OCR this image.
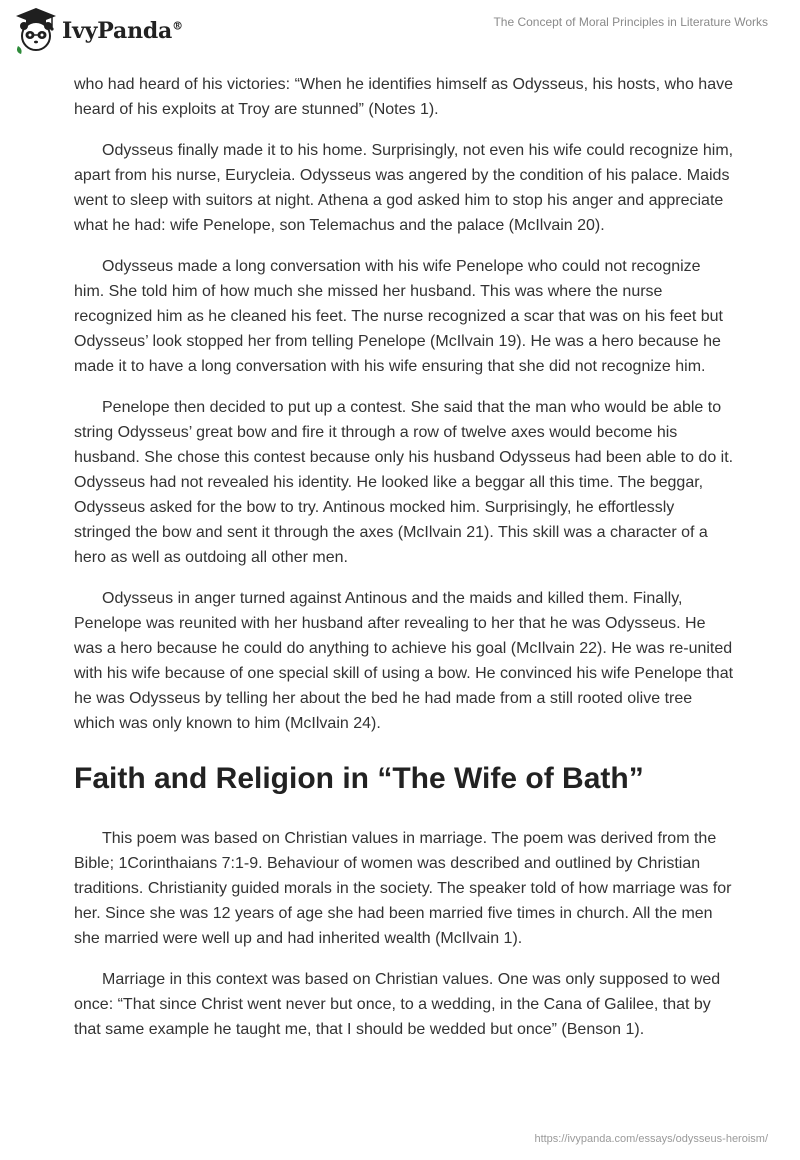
IvyPanda®	The Concept of Moral Principles in Literature Works

who had heard of his victories: “When he identifies himself as Odysseus, his hosts, who have heard of his exploits at Troy are stunned” (Notes 1).

Odysseus finally made it to his home. Surprisingly, not even his wife could recognize him, apart from his nurse, Eurycleia. Odysseus was angered by the condition of his palace. Maids went to sleep with suitors at night. Athena a god asked him to stop his anger and appreciate what he had: wife Penelope, son Telemachus and the palace (McIlvain 20).

Odysseus made a long conversation with his wife Penelope who could not recognize him. She told him of how much she missed her husband. This was where the nurse recognized him as he cleaned his feet. The nurse recognized a scar that was on his feet but Odysseus’ look stopped her from telling Penelope (McIlvain 19). He was a hero because he made it to have a long conversation with his wife ensuring that she did not recognize him.

Penelope then decided to put up a contest. She said that the man who would be able to string Odysseus’ great bow and fire it through a row of twelve axes would become his husband. She chose this contest because only his husband Odysseus had been able to do it. Odysseus had not revealed his identity. He looked like a beggar all this time. The beggar, Odysseus asked for the bow to try. Antinous mocked him. Surprisingly, he effortlessly stringed the bow and sent it through the axes (McIlvain 21). This skill was a character of a hero as well as outdoing all other men.

Odysseus in anger turned against Antinous and the maids and killed them. Finally, Penelope was reunited with her husband after revealing to her that he was Odysseus. He was a hero because he could do anything to achieve his goal (McIlvain 22). He was re-united with his wife because of one special skill of using a bow. He convinced his wife Penelope that he was Odysseus by telling her about the bed he had made from a still rooted olive tree which was only known to him (McIlvain 24).

Faith and Religion in “The Wife of Bath”

This poem was based on Christian values in marriage. The poem was derived from the Bible; 1Corinthaians 7:1-9. Behaviour of women was described and outlined by Christian traditions. Christianity guided morals in the society. The speaker told of how marriage was for her. Since she was 12 years of age she had been married five times in church. All the men she married were well up and had inherited wealth (McIlvain 1).

Marriage in this context was based on Christian values. One was only supposed to wed once: “That since Christ went never but once, to a wedding, in the Cana of Galilee, that by that same example he taught me, that I should be wedded but once” (Benson 1).

https://ivypanda.com/essays/odysseus-heroism/
